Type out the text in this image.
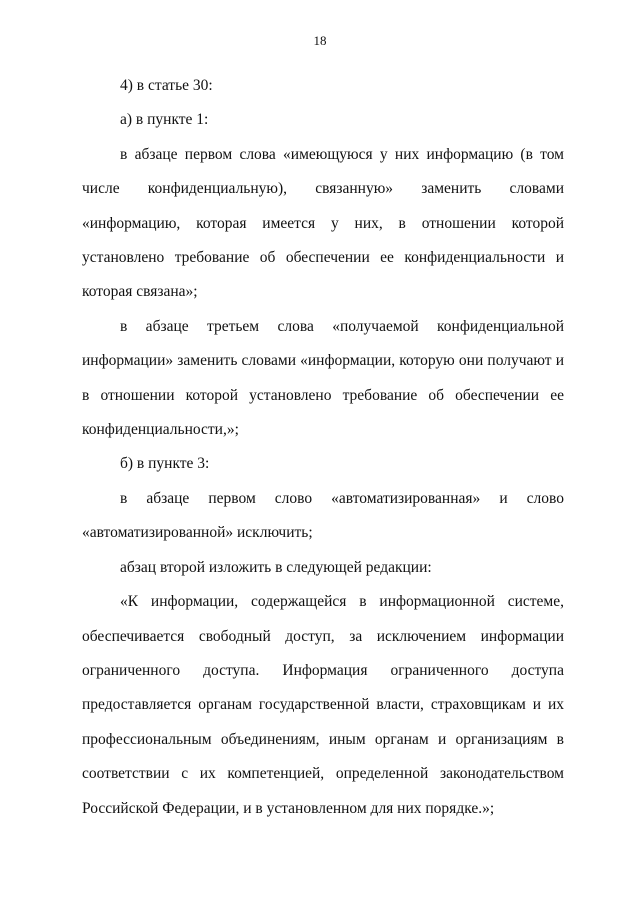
18

4) в статье 30:

а) в пункте 1:

в абзаце первом слова «имеющуюся у них информацию (в том числе конфиденциальную), связанную» заменить словами «информацию, которая имеется у них, в отношении которой установлено требование об обеспечении ее конфиденциальности и которая связана»;

в абзаце третьем слова «получаемой конфиденциальной информации» заменить словами «информации, которую они получают и в отношении которой установлено требование об обеспечении ее конфиденциальности,»;

б) в пункте 3:

в абзаце первом слово «автоматизированная» и слово «автоматизированной» исключить;

абзац второй изложить в следующей редакции:

«К информации, содержащейся в информационной системе, обеспечивается свободный доступ, за исключением информации ограниченного доступа. Информация ограниченного доступа предоставляется органам государственной власти, страховщикам и их профессиональным объединениям, иным органам и организациям в соответствии с их компетенцией, определенной законодательством Российской Федерации, и в установленном для них порядке.»;
